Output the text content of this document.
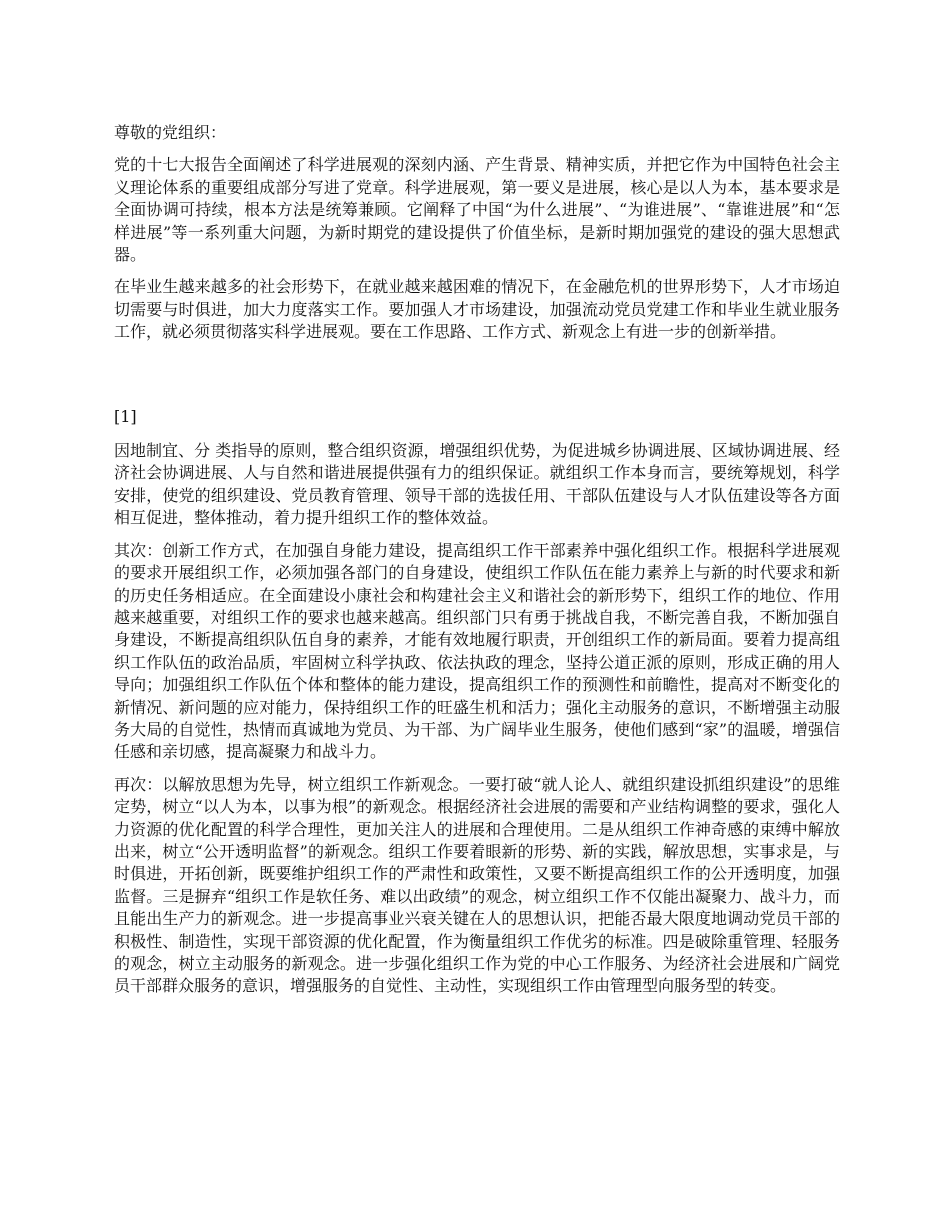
尊敬的党组织：

党的十七大报告全面阐述了科学进展观的深刻内涵、产生背景、精神实质，并把它作为中国特色社会主义理论体系的重要组成部分写进了党章。科学进展观，第一要义是进展，核心是以人为本，基本要求是全面协调可持续，根本方法是统筹兼顾。它阐释了中国“为什么进展”、“为谁进展”、“靠谁进展”和“怎样进展”等一系列重大问题，为新时期党的建设提供了价值坐标，是新时期加强党的建设的强大思想武器。

在毕业生越来越多的社会形势下，在就业越来越困难的情况下，在金融危机的世界形势下，人才市场迫切需要与时俱进，加大力度落实工作。要加强人才市场建设，加强流动党员党建工作和毕业生就业服务工作，就必须贯彻落实科学进展观。要在工作思路、工作方式、新观念上有进一步的创新举措。

[1]

因地制宜、分 类指导的原则，整合组织资源，增强组织优势，为促进城乡协调进展、区域协调进展、经济社会协调进展、人与自然和谐进展提供强有力的组织保证。就组织工作本身而言，要统筹规划，科学安排，使党的组织建设、党员教育管理、领导干部的选拔任用、干部队伍建设与人才队伍建设等各方面相互促进，整体推动，着力提升组织工作的整体效益。

其次：创新工作方式，在加强自身能力建设，提高组织工作干部素养中强化组织工作。根据科学进展观的要求开展组织工作，必须加强各部门的自身建设，使组织工作队伍在能力素养上与新的时代要求和新的历史任务相适应。在全面建设小康社会和构建社会主义和谐社会的新形势下，组织工作的地位、作用越来越重要，对组织工作的要求也越来越高。组织部门只有勇于挑战自我，不断完善自我，不断加强自身建设，不断提高组织队伍自身的素养，才能有效地履行职责，开创组织工作的新局面。要着力提高组织工作队伍的政治品质，牢固树立科学执政、依法执政的理念，坚持公道正派的原则，形成正确的用人导向；加强组织工作队伍个体和整体的能力建设，提高组织工作的预测性和前瞻性，提高对不断变化的新情况、新问题的应对能力，保持组织工作的旺盛生机和活力；强化主动服务的意识，不断增强主动服务大局的自觉性，热情而真诚地为党员、为干部、为广阔毕业生服务，使他们感到“家”的温暖，增强信任感和亲切感，提高凝聚力和战斗力。

再次：以解放思想为先导，树立组织工作新观念。一要打破“就人论人、就组织建设抓组织建设”的思维定势，树立“以人为本，以事为根”的新观念。根据经济社会进展的需要和产业结构调整的要求，强化人力资源的优化配置的科学合理性，更加关注人的进展和合理使用。二是从组织工作神奇感的束缚中解放出来，树立“公开透明监督”的新观念。组织工作要着眼新的形势、新的实践，解放思想，实事求是，与时俱进，开拓创新，既要维护组织工作的严肃性和政策性，又要不断提高组织工作的公开透明度，加强监督。三是摒弃“组织工作是软任务、难以出政绩”的观念，树立组织工作不仅能出凝聚力、战斗力，而且能出生产力的新观念。进一步提高事业兴衰关键在人的思想认识，把能否最大限度地调动党员干部的积极性、制造性，实现干部资源的优化配置，作为衡量组织工作优劣的标准。四是破除重管理、轻服务的观念，树立主动服务的新观念。进一步强化组织工作为党的中心工作服务、为经济社会进展和广阔党员干部群众服务的意识，增强服务的自觉性、主动性，实现组织工作由管理型向服务型的转变。
